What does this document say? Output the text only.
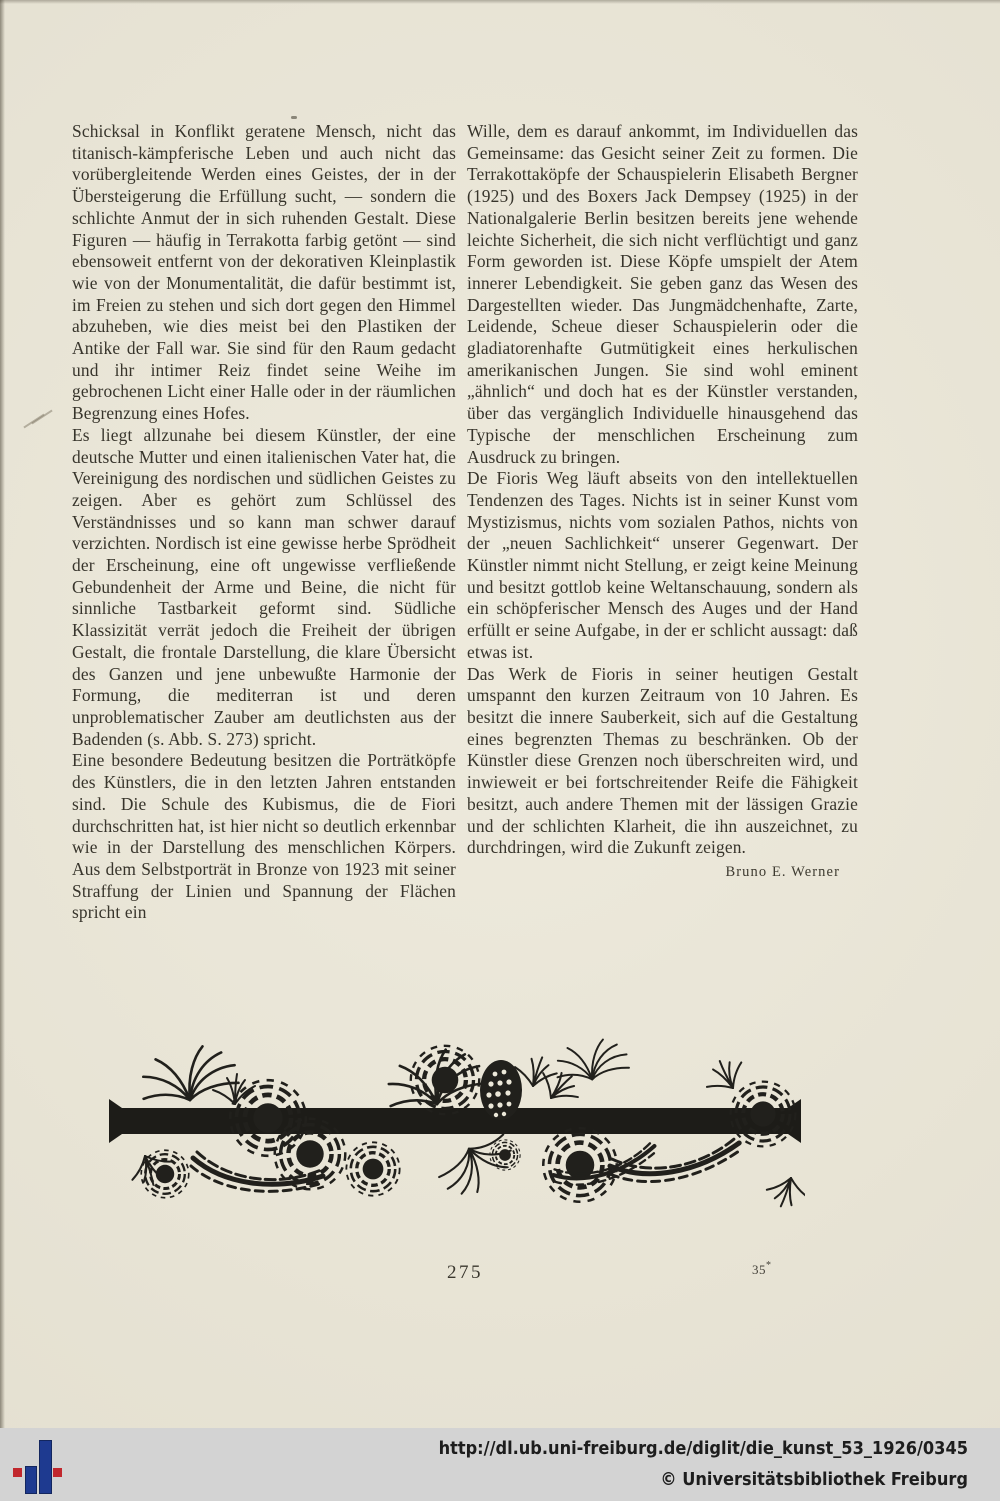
Schicksal in Konflikt geratene Mensch, nicht das titanisch-kämpferische Leben und auch nicht das vorübergleitende Werden eines Geistes, der in der Übersteigerung die Erfüllung sucht, — sondern die schlichte Anmut der in sich ruhenden Gestalt. Diese Figuren — häufig in Terrakotta farbig getönt — sind ebensoweit entfernt von der dekorativen Kleinplastik wie von der Monumentalität, die dafür bestimmt ist, im Freien zu stehen und sich dort gegen den Himmel abzuheben, wie dies meist bei den Plastiken der Antike der Fall war. Sie sind für den Raum gedacht und ihr intimer Reiz findet seine Weihe im gebrochenen Licht einer Halle oder in der räumlichen Begrenzung eines Hofes.

Es liegt allzunahe bei diesem Künstler, der eine deutsche Mutter und einen italienischen Vater hat, die Vereinigung des nordischen und südlichen Geistes zu zeigen. Aber es gehört zum Schlüssel des Verständnisses und so kann man schwer darauf verzichten. Nordisch ist eine gewisse herbe Sprödheit der Erscheinung, eine oft ungewisse verfließende Gebundenheit der Arme und Beine, die nicht für sinnliche Tastbarkeit geformt sind. Südliche Klassizität verrät jedoch die Freiheit der übrigen Gestalt, die frontale Darstellung, die klare Übersicht des Ganzen und jene unbewußte Harmonie der Formung, die mediterran ist und deren unproblematischer Zauber am deutlichsten aus der Badenden (s. Abb. S. 273) spricht.

Eine besondere Bedeutung besitzen die Porträtköpfe des Künstlers, die in den letzten Jahren entstanden sind. Die Schule des Kubismus, die de Fiori durchschritten hat, ist hier nicht so deutlich erkennbar wie in der Darstellung des menschlichen Körpers. Aus dem Selbstporträt in Bronze von 1923 mit seiner Straffung der Linien und Spannung der Flächen spricht ein

Wille, dem es darauf ankommt, im Individuellen das Gemeinsame: das Gesicht seiner Zeit zu formen. Die Terrakottaköpfe der Schauspielerin Elisabeth Bergner (1925) und des Boxers Jack Dempsey (1925) in der Nationalgalerie Berlin besitzen bereits jene wehende leichte Sicherheit, die sich nicht verflüchtigt und ganz Form geworden ist. Diese Köpfe umspielt der Atem innerer Lebendigkeit. Sie geben ganz das Wesen des Dargestellten wieder. Das Jungmädchenhafte, Zarte, Leidende, Scheue dieser Schauspielerin oder die gladiatorenhafte Gutmütigkeit eines herkulischen amerikanischen Jungen. Sie sind wohl eminent „ähnlich“ und doch hat es der Künstler verstanden, über das vergänglich Individuelle hinausgehend das Typische der menschlichen Erscheinung zum Ausdruck zu bringen.

De Fioris Weg läuft abseits von den intellektuellen Tendenzen des Tages. Nichts ist in seiner Kunst vom Mystizismus, nichts vom sozialen Pathos, nichts von der „neuen Sachlichkeit“ unserer Gegenwart. Der Künstler nimmt nicht Stellung, er zeigt keine Meinung und besitzt gottlob keine Weltanschauung, sondern als ein schöpferischer Mensch des Auges und der Hand erfüllt er seine Aufgabe, in der er schlicht aussagt: daß etwas ist.

Das Werk de Fioris in seiner heutigen Gestalt umspannt den kurzen Zeitraum von 10 Jahren. Es besitzt die innere Sauberkeit, sich auf die Gestaltung eines begrenzten Themas zu beschränken. Ob der Künstler diese Grenzen noch überschreiten wird, und inwieweit er bei fortschreitender Reife die Fähigkeit besitzt, auch andere Themen mit der lässigen Grazie und der schlichten Klarheit, die ihn auszeichnet, zu durchdringen, wird die Zukunft zeigen.

Bruno E. Werner
275	35*
http://dl.ub.uni-freiburg.de/diglit/die_kunst_53_1926/0345
© Universitätsbibliothek Freiburg
